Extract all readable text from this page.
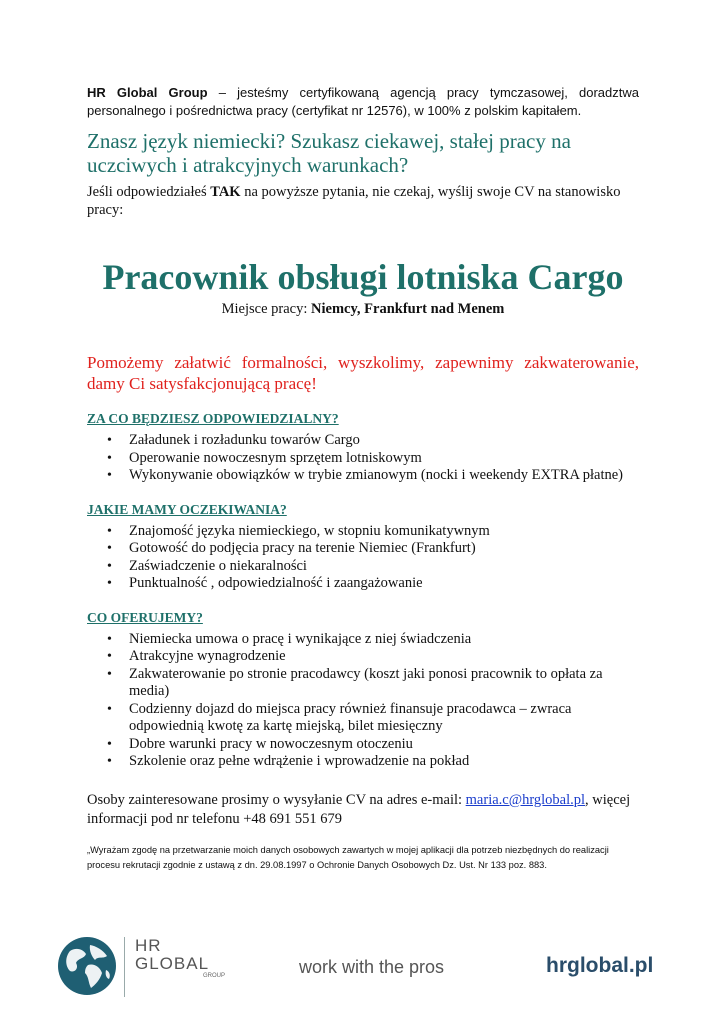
HR Global Group – jesteśmy certyfikowaną agencją pracy tymczasowej, doradztwa personalnego i pośrednictwa pracy (certyfikat nr 12576), w 100% z polskim kapitałem.

Znasz język niemiecki? Szukasz ciekawej, stałej pracy na uczciwych i atrakcyjnych warunkach?

Jeśli odpowiedziałeś TAK na powyższe pytania, nie czekaj, wyślij swoje CV na stanowisko pracy:

Pracownik obsługi lotniska Cargo

Miejsce pracy: Niemcy, Frankfurt nad Menem

Pomożemy załatwić formalności, wyszkolimy, zapewnimy zakwaterowanie, damy Ci satysfakcjonującą pracę!

ZA CO BĘDZIESZ ODPOWIEDZIALNY?
• Załadunek i rozładunku towarów Cargo
• Operowanie nowoczesnym sprzętem lotniskowym
• Wykonywanie obowiązków w trybie zmianowym (nocki i weekendy EXTRA płatne)
JAKIE MAMY OCZEKIWANIA?
• Znajomość języka niemieckiego, w stopniu komunikatywnym
• Gotowość do podjęcia pracy na terenie Niemiec (Frankfurt)
• Zaświadczenie o niekaralności
• Punktualność , odpowiedzialność i zaangażowanie
CO OFERUJEMY?
• Niemiecka umowa o pracę i wynikające z niej świadczenia
• Atrakcyjne wynagrodzenie
• Zakwaterowanie po stronie pracodawcy (koszt jaki ponosi pracownik to opłata za media)
• Codzienny dojazd do miejsca pracy również finansuje pracodawca – zwraca odpowiednią kwotę za kartę miejską, bilet miesięczny
• Dobre warunki pracy w nowoczesnym otoczeniu
• Szkolenie oraz pełne wdrążenie i wprowadzenie na pokład

Osoby zainteresowane prosimy o wysyłanie CV na adres e-mail: maria.c@hrglobal.pl, więcej informacji pod nr telefonu +48 691 551 679

„Wyrażam zgodę na przetwarzanie moich danych osobowych zawartych w mojej aplikacji dla potrzeb niezbędnych do realizacji procesu rekrutacji zgodnie z ustawą z dn. 29.08.1997 o Ochronie Danych Osobowych Dz. Ust. Nr 133 poz. 883.

HR
GLOBAL
GROUP	work with the pros	hrglobal.pl
